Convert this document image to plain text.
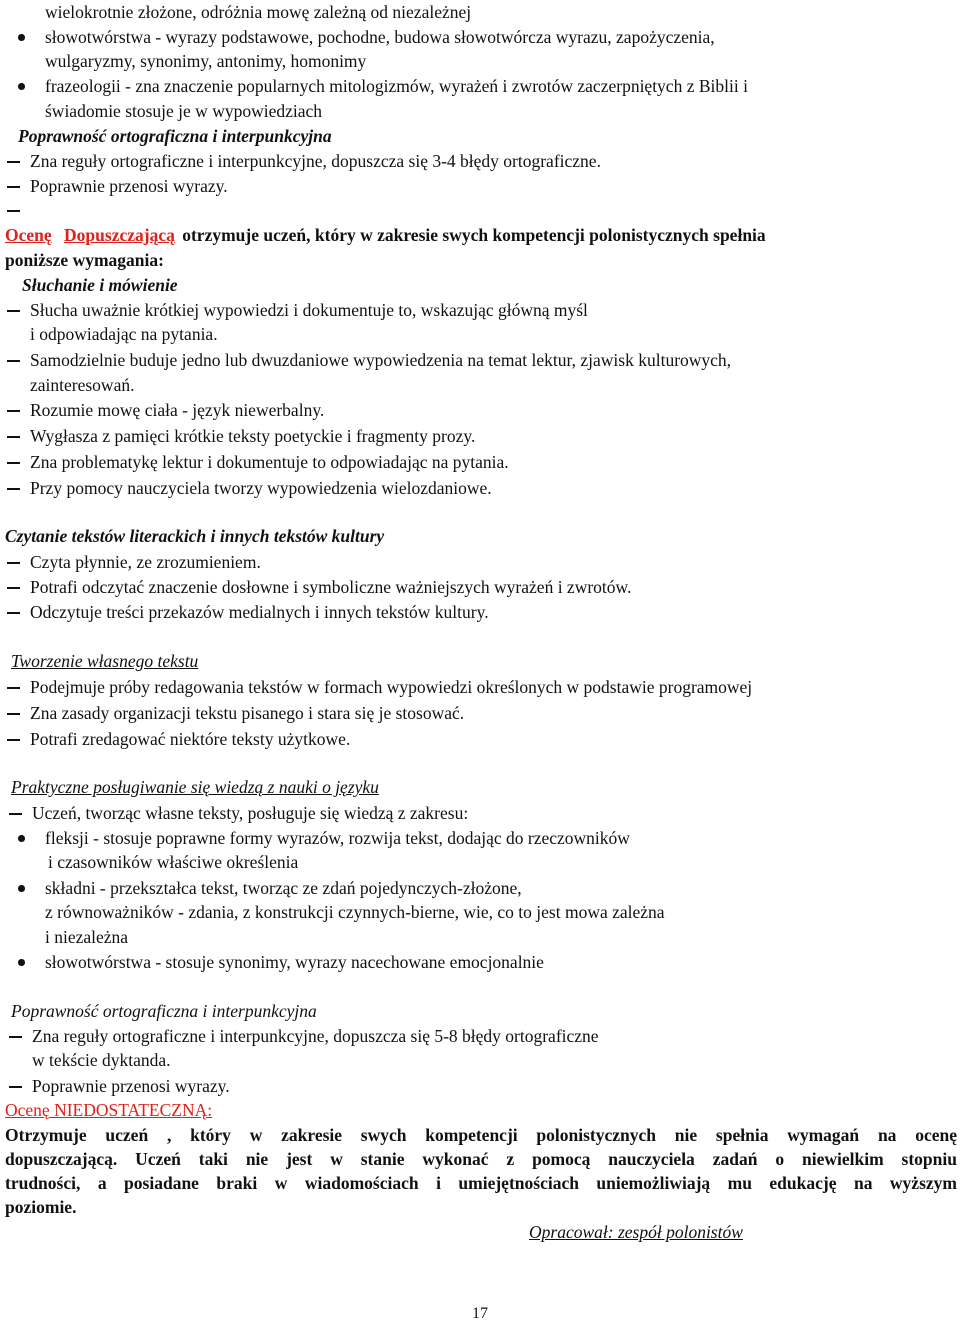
wielokrotnie złożone, odróżnia mowę zależną od niezależnej
słowotwórstwa - wyrazy podstawowe, pochodne, budowa słowotwórcza wyrazu, zapożyczenia,
wulgaryzmy, synonimy, antonimy, homonimy
frazeologii - zna znaczenie popularnych mitologizmów, wyrażeń i zwrotów zaczerpniętych z Biblii i
świadomie stosuje je w wypowiedziach
Poprawność ortograficzna i interpunkcyjna
Zna reguły ortograficzne i interpunkcyjne, dopuszcza się 3-4 błędy ortograficzne.
Poprawnie przenosi wyrazy.
Ocenę Dopuszczającą otrzymuje uczeń, który w zakresie swych kompetencji polonistycznych spełnia
poniższe wymagania:
Słuchanie i mówienie
Słucha uważnie krótkiej wypowiedzi i dokumentuje to, wskazując główną myśl
i odpowiadając na pytania.
Samodzielnie buduje jedno lub dwuzdaniowe wypowiedzenia na temat lektur, zjawisk kulturowych,
zainteresowań.
Rozumie mowę ciała - język niewerbalny.
Wygłasza z pamięci krótkie teksty poetyckie i fragmenty prozy.
Zna problematykę lektur i dokumentuje to odpowiadając na pytania.
Przy pomocy nauczyciela tworzy wypowiedzenia wielozdaniowe.
Czytanie tekstów literackich i innych tekstów kultury
Czyta płynnie, ze zrozumieniem.
Potrafi odczytać znaczenie dosłowne i symboliczne ważniejszych wyrażeń i zwrotów.
Odczytuje treści przekazów medialnych i innych tekstów kultury.
Tworzenie własnego tekstu
Podejmuje próby redagowania tekstów w formach wypowiedzi określonych w podstawie programowej
Zna zasady organizacji tekstu pisanego i stara się je stosować.
Potrafi zredagować niektóre teksty użytkowe.
Praktyczne posługiwanie się wiedzą z nauki o języku
Uczeń, tworząc własne teksty, posługuje się wiedzą z zakresu:
fleksji - stosuje poprawne formy wyrazów, rozwija tekst, dodając do rzeczowników
i czasowników właściwe określenia
składni - przekształca tekst, tworząc ze zdań pojedynczych-złożone,
z równoważników - zdania, z konstrukcji czynnych-bierne, wie, co to jest mowa zależna
i niezależna
słowotwórstwa - stosuje synonimy, wyrazy nacechowane emocjonalnie
Poprawność ortograficzna i interpunkcyjna
Zna reguły ortograficzne i interpunkcyjne, dopuszcza się 5-8 błędy ortograficzne
w tekście dyktanda.
Poprawnie przenosi wyrazy.
Ocenę NIEDOSTATECZNĄ:
Otrzymuje uczeń , który w zakresie swych kompetencji polonistycznych nie spełnia wymagań na ocenę
dopuszczającą. Uczeń taki nie jest w stanie wykonać z pomocą nauczyciela zadań o niewielkim stopniu
trudności, a posiadane braki w wiadomościach i umiejętnościach uniemożliwiają mu edukację na wyższym
poziomie.
Opracował: zespół polonistów
17
